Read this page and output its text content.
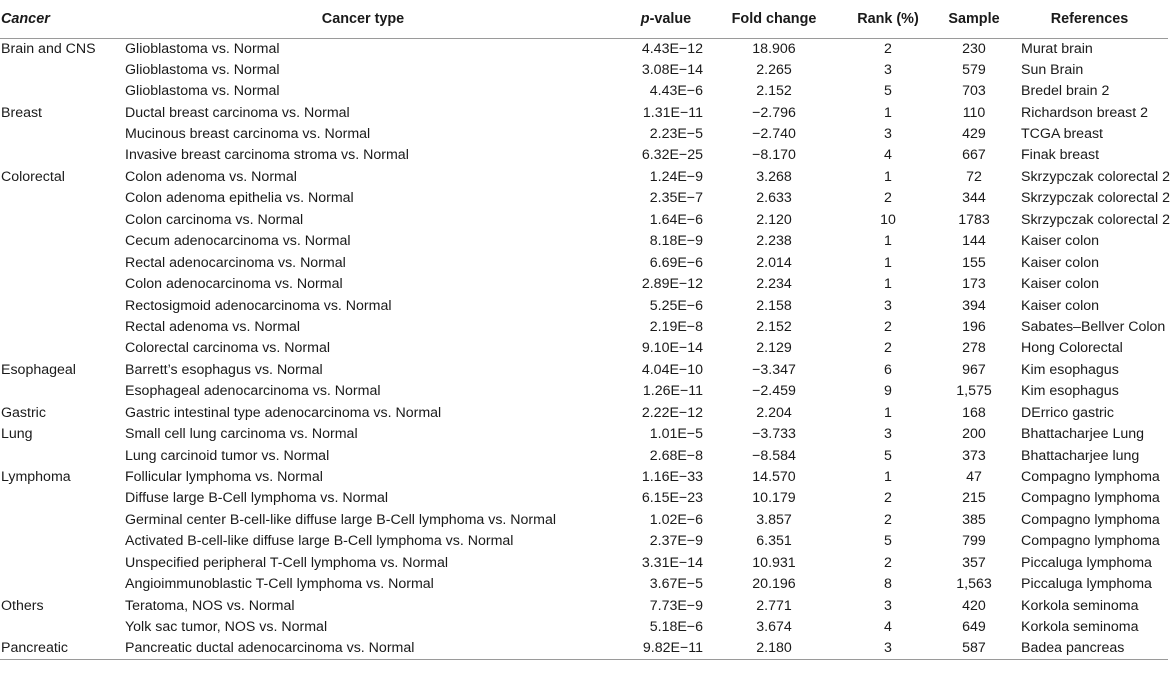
Cancer	Cancer type	p-value	Fold change	Rank (%)	Sample	References
Brain and CNS	Glioblastoma vs. Normal	4.43E−12	18.906	2	230	Murat brain
	Glioblastoma vs. Normal	3.08E−14	2.265	3	579	Sun Brain
	Glioblastoma vs. Normal	4.43E−6	2.152	5	703	Bredel brain 2
Breast	Ductal breast carcinoma vs. Normal	1.31E−11	−2.796	1	110	Richardson breast 2
	Mucinous breast carcinoma vs. Normal	2.23E−5	−2.740	3	429	TCGA breast
	Invasive breast carcinoma stroma vs. Normal	6.32E−25	−8.170	4	667	Finak breast
Colorectal	Colon adenoma vs. Normal	1.24E−9	3.268	1	72	Skrzypczak colorectal 2
	Colon adenoma epithelia vs. Normal	2.35E−7	2.633	2	344	Skrzypczak colorectal 2
	Colon carcinoma vs. Normal	1.64E−6	2.120	10	1783	Skrzypczak colorectal 2
	Cecum adenocarcinoma vs. Normal	8.18E−9	2.238	1	144	Kaiser colon
	Rectal adenocarcinoma vs. Normal	6.69E−6	2.014	1	155	Kaiser colon
	Colon adenocarcinoma vs. Normal	2.89E−12	2.234	1	173	Kaiser colon
	Rectosigmoid adenocarcinoma vs. Normal	5.25E−6	2.158	3	394	Kaiser colon
	Rectal adenoma vs. Normal	2.19E−8	2.152	2	196	Sabates–Bellver Colon
	Colorectal carcinoma vs. Normal	9.10E−14	2.129	2	278	Hong Colorectal
Esophageal	Barrett’s esophagus vs. Normal	4.04E−10	−3.347	6	967	Kim esophagus
	Esophageal adenocarcinoma vs. Normal	1.26E−11	−2.459	9	1,575	Kim esophagus
Gastric	Gastric intestinal type adenocarcinoma vs. Normal	2.22E−12	2.204	1	168	DErrico gastric
Lung	Small cell lung carcinoma vs. Normal	1.01E−5	−3.733	3	200	Bhattacharjee Lung
	Lung carcinoid tumor vs. Normal	2.68E−8	−8.584	5	373	Bhattacharjee lung
Lymphoma	Follicular lymphoma vs. Normal	1.16E−33	14.570	1	47	Compagno lymphoma
	Diffuse large B-Cell lymphoma vs. Normal	6.15E−23	10.179	2	215	Compagno lymphoma
	Germinal center B-cell-like diffuse large B-Cell lymphoma vs. Normal	1.02E−6	3.857	2	385	Compagno lymphoma
	Activated B-cell-like diffuse large B-Cell lymphoma vs. Normal	2.37E−9	6.351	5	799	Compagno lymphoma
	Unspecified peripheral T-Cell lymphoma vs. Normal	3.31E−14	10.931	2	357	Piccaluga lymphoma
	Angioimmunoblastic T-Cell lymphoma vs. Normal	3.67E−5	20.196	8	1,563	Piccaluga lymphoma
Others	Teratoma, NOS vs. Normal	7.73E−9	2.771	3	420	Korkola seminoma
	Yolk sac tumor, NOS vs. Normal	5.18E−6	3.674	4	649	Korkola seminoma
Pancreatic	Pancreatic ductal adenocarcinoma vs. Normal	9.82E−11	2.180	3	587	Badea pancreas
